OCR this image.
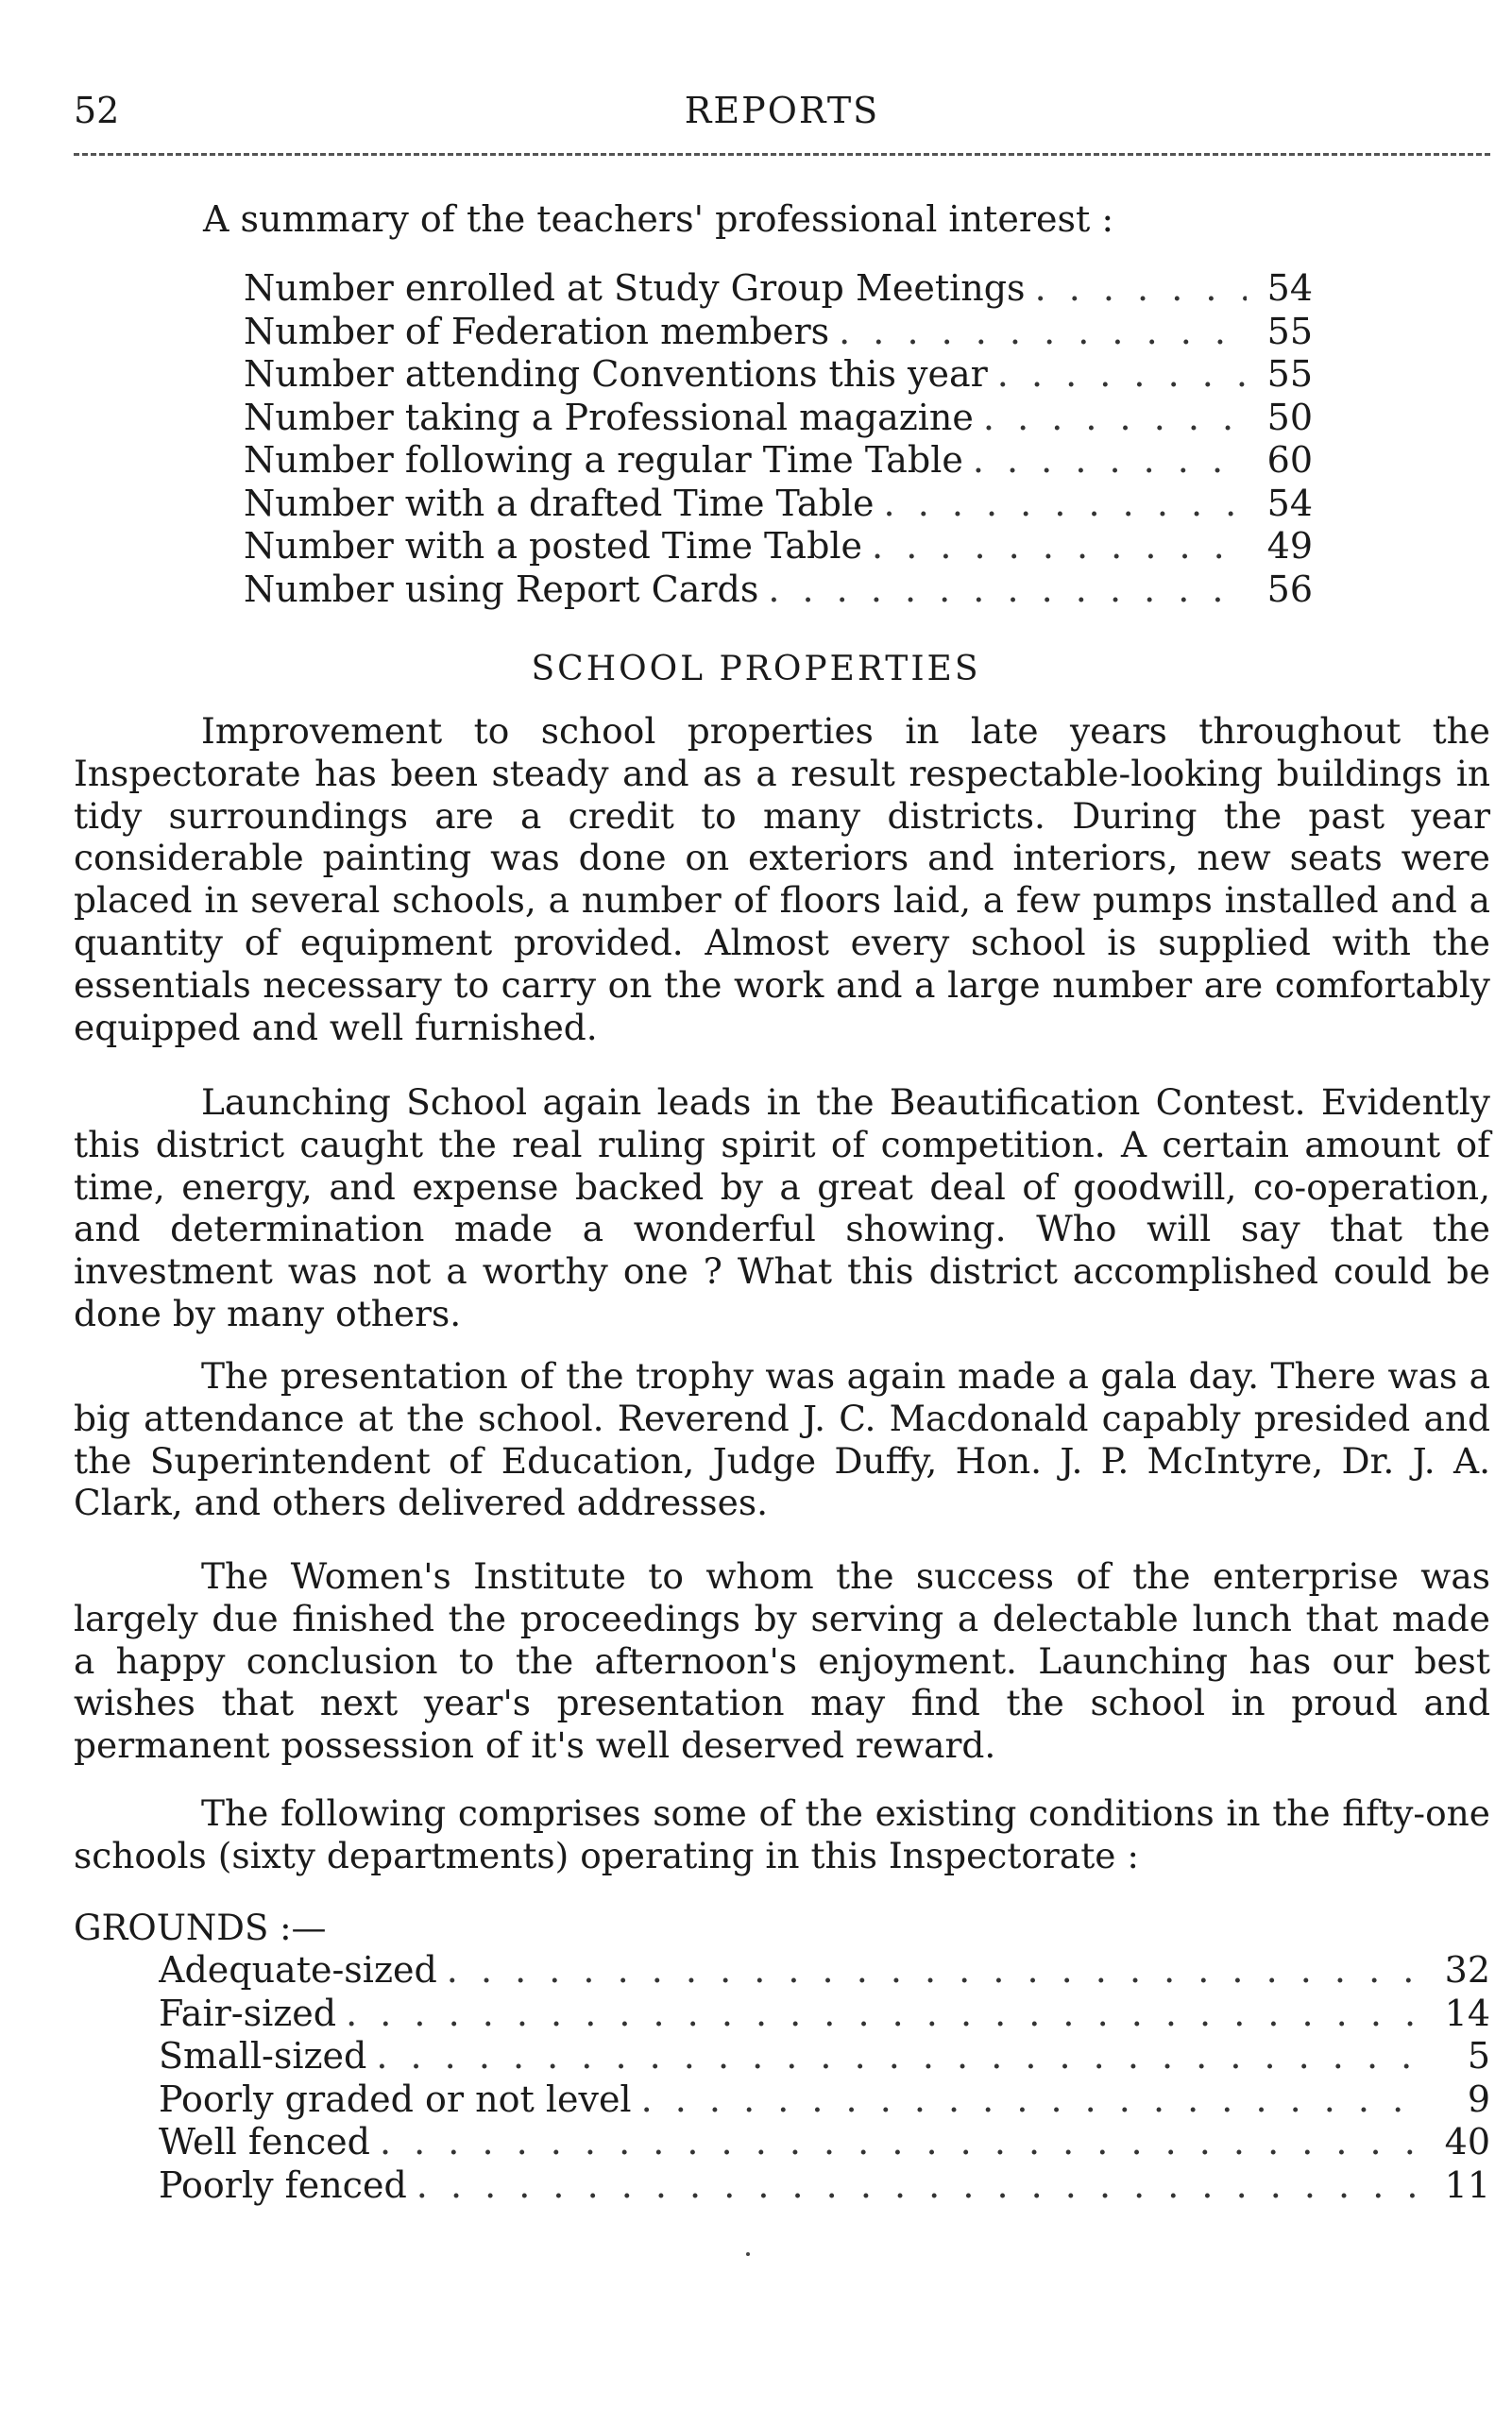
52	REPORTS
A summary of the teachers' professional interest :
Number enrolled at Study Group Meetings . . .	54
Number of Federation members . . .	55
Number attending Conventions this year . . .	55
Number taking a Professional magazine . . .	50
Number following a regular Time Table . . .	60
Number with a drafted Time Table . . .	54
Number with a posted Time Table . . .	49
Number using Report Cards . . .	56
SCHOOL PROPERTIES

Improvement to school properties in late years throughout the Inspectorate has been steady and as a result respectable-looking buildings in tidy surroundings are a credit to many districts. During the past year considerable painting was done on exteriors and interiors, new seats were placed in several schools, a number of floors laid, a few pumps installed and a quantity of equipment provided. Almost every school is supplied with the essentials necessary to carry on the work and a large number are comfortably equipped and well furnished.

Launching School again leads in the Beautification Contest. Evidently this district caught the real ruling spirit of competition. A certain amount of time, energy, and expense backed by a great deal of goodwill, co-operation, and determination made a wonderful showing. Who will say that the investment was not a worthy one ? What this district accomplished could be done by many others.

The presentation of the trophy was again made a gala day. There was a big attendance at the school. Reverend J. C. Macdonald capably presided and the Superintendent of Education, Judge Duffy, Hon. J. P. McIntyre, Dr. J. A. Clark, and others delivered addresses.

The Women's Institute to whom the success of the enterprise was largely due finished the proceedings by serving a delectable lunch that made a happy conclusion to the afternoon's enjoyment. Launching has our best wishes that next year's presentation may find the school in proud and permanent possession of it's well deserved reward.

The following comprises some of the existing conditions in the fifty-one schools (sixty departments) operating in this Inspectorate :

GROUNDS :—
Adequate-sized . . .	32
Fair-sized . . .	14
Small-sized . . .	5
Poorly graded or not level . . .	9
Well fenced . . .	40
Poorly fenced . . .	11
